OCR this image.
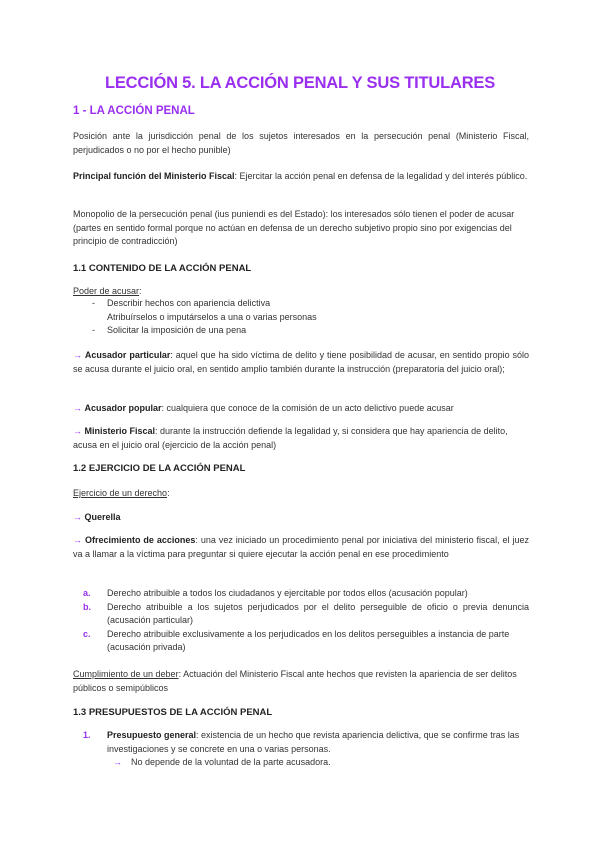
LECCIÓN 5. LA ACCIÓN PENAL Y SUS TITULARES
1 - LA ACCIÓN PENAL
Posición ante la jurisdicción penal de los sujetos interesados en la persecución penal (Ministerio Fiscal, perjudicados o no por el hecho punible)
Principal función del Ministerio Fiscal: Ejercitar la acción penal en defensa de la legalidad y del interés público.
Monopolio de la persecución penal (ius puniendi es del Estado): los interesados sólo tienen el poder de acusar (partes en sentido formal porque no actúan en defensa de un derecho subjetivo propio sino por exigencias del principio de contradicción)
1.1 CONTENIDO DE LA ACCIÓN PENAL
Poder de acusar:
- Describir hechos con apariencia delictiva
Atribuírselos o imputárselos a una o varias personas
- Solicitar la imposición de una pena
→ Acusador particular: aquel que ha sido víctima de delito y tiene posibilidad de acusar, en sentido propio sólo se acusa durante el juicio oral, en sentido amplio también durante la instrucción (preparatoria del juicio oral);
→ Acusador popular: cualquiera que conoce de la comisión de un acto delictivo puede acusar
→ Ministerio Fiscal: durante la instrucción defiende la legalidad y, si considera que hay apariencia de delito, acusa en el juicio oral (ejercicio de la acción penal)
1.2 EJERCICIO DE LA ACCIÓN PENAL
Ejercicio de un derecho:
→ Querella
→ Ofrecimiento de acciones: una vez iniciado un procedimiento penal por iniciativa del ministerio fiscal, el juez va a llamar a la víctima para preguntar si quiere ejecutar la acción penal en ese procedimiento
a. Derecho atribuible a todos los ciudadanos y ejercitable por todos ellos (acusación popular)
b. Derecho atribuible a los sujetos perjudicados por el delito perseguible de oficio o previa denuncia (acusación particular)
c. Derecho atribuible exclusivamente a los perjudicados en los delitos perseguibles a instancia de parte (acusación privada)
Cumplimiento de un deber: Actuación del Ministerio Fiscal ante hechos que revisten la apariencia de ser delitos públicos o semipúblicos
1.3 PRESUPUESTOS DE LA ACCIÓN PENAL
1. Presupuesto general: existencia de un hecho que revista apariencia delictiva, que se confirme tras las investigaciones y se concrete en una o varias personas.
→ No depende de la voluntad de la parte acusadora.
